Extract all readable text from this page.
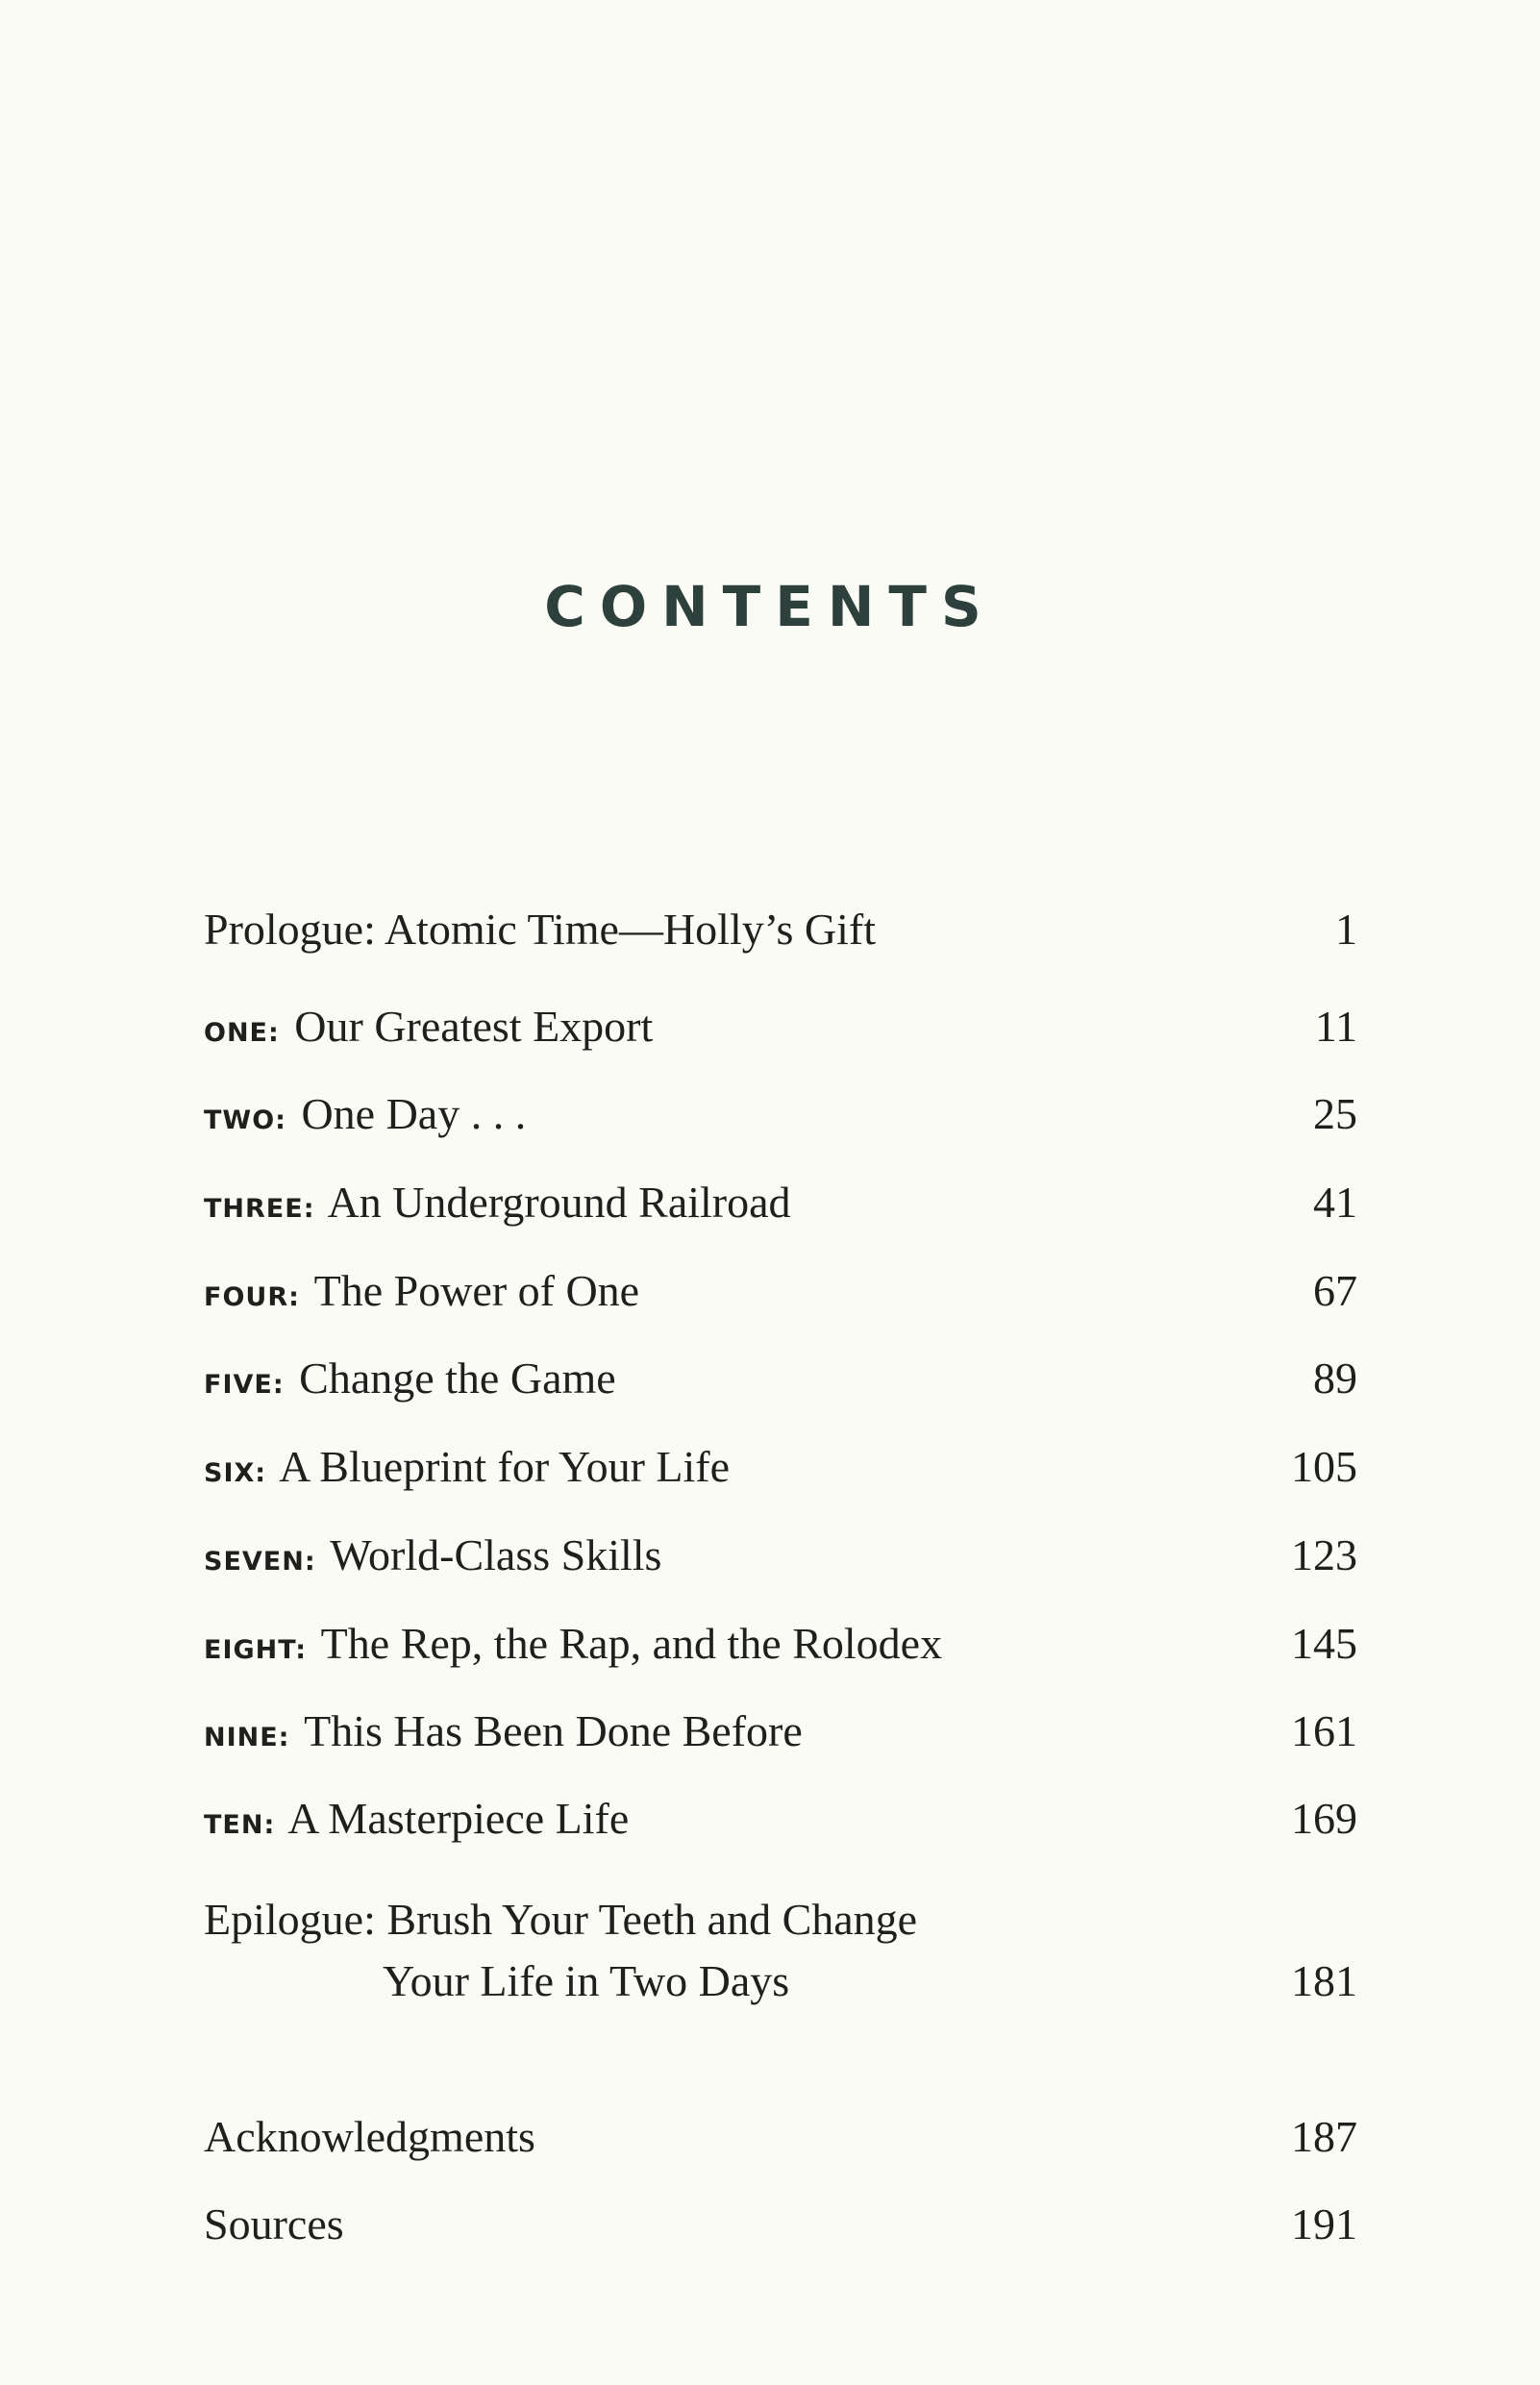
CONTENTS
Prologue: Atomic Time—Holly’s Gift	1
ONE: Our Greatest Export	11
TWO: One Day . . .	25
THREE: An Underground Railroad	41
FOUR: The Power of One	67
FIVE: Change the Game	89
SIX: A Blueprint for Your Life	105
SEVEN: World-Class Skills	123
EIGHT: The Rep, the Rap, and the Rolodex	145
NINE: This Has Been Done Before	161
TEN: A Masterpiece Life	169
Epilogue: Brush Your Teeth and Change
Your Life in Two Days	181
Acknowledgments	187
Sources	191
